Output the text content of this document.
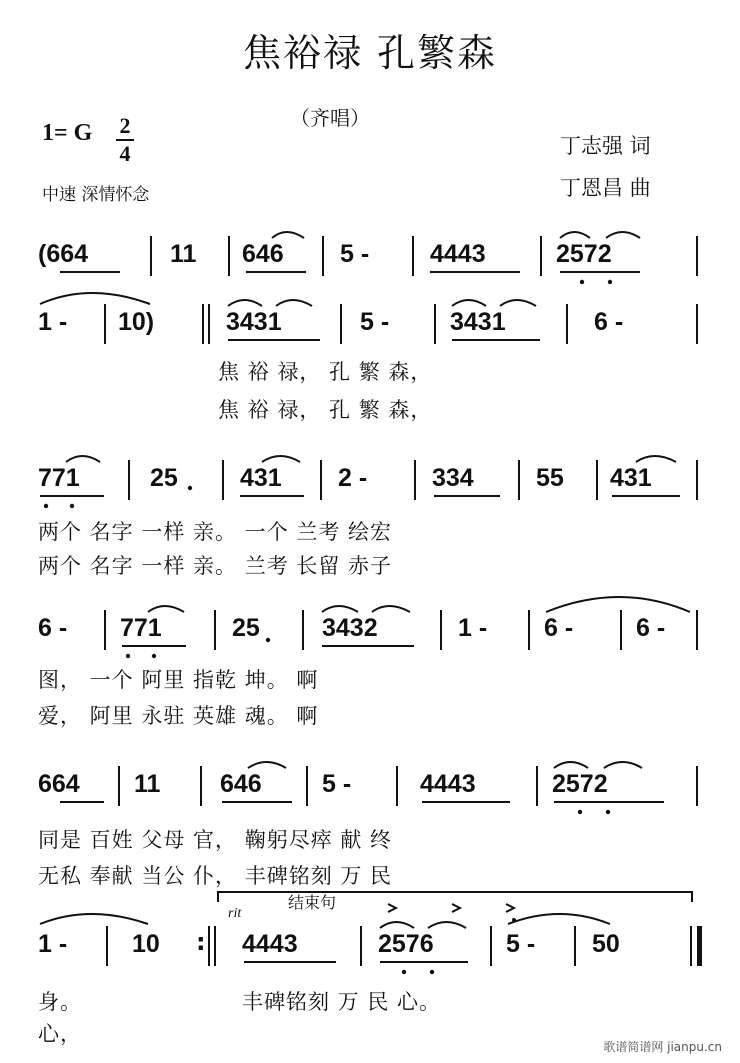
焦裕禄 孔繁森
（齐唱）
1= G 2
4
中速 深情怀念
丁志强 词
丁恩昌 曲
(664	11 646 5 - 4443	2572
1 - 10)	3431	5 - 3431	6 -
焦 裕 禄， 孔 繁 森，
焦 裕 禄， 孔 繁 森，
771	25 431 2 -	334 55 431
两个 名字 一样 亲。 一个 兰考 绘宏
两个 名字 一样 亲。 兰考 长留 赤子
6 - 771	25 3432	1 - 6 -	6 -
图， 一个 阿里 指乾 坤。 啊
爱， 阿里 永驻 英雄 魂。 啊
664 11 646 5 -	4443	2572
同是 百姓 父母 官， 鞠躬尽瘁 献 终
无私 奉献 当公 仆， 丰碑铭刻 万 民
结束句
rit
1 -	10 : 4443	2576	5 - 50
身。	丰碑铭刻 万 民 心。
心，
歌谱简谱网 jianpu.cn
